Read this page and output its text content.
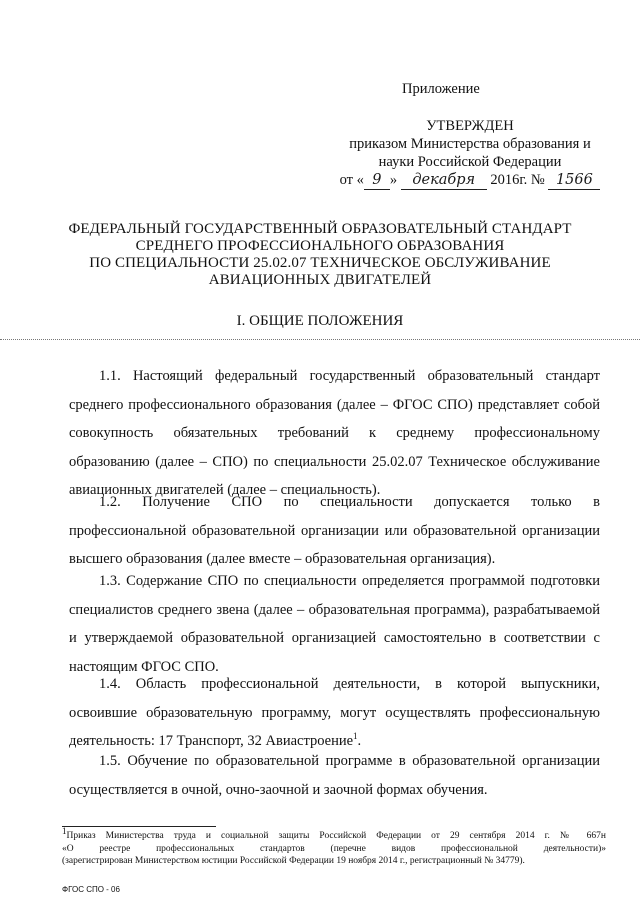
Приложение
УТВЕРЖДЕН
приказом Министерства образования и
науки Российской Федерации
от « 9 » декабря 2016г. № 1566
ФЕДЕРАЛЬНЫЙ ГОСУДАРСТВЕННЫЙ ОБРАЗОВАТЕЛЬНЫЙ СТАНДАРТ
СРЕДНЕГО ПРОФЕССИОНАЛЬНОГО ОБРАЗОВАНИЯ
ПО СПЕЦИАЛЬНОСТИ 25.02.07 ТЕХНИЧЕСКОЕ ОБСЛУЖИВАНИЕ
АВИАЦИОННЫХ ДВИГАТЕЛЕЙ
I. ОБЩИЕ ПОЛОЖЕНИЯ
1.1. Настоящий федеральный государственный образовательный стандарт
среднего профессионального образования (далее – ФГОС СПО) представляет собой
совокупность обязательных требований к среднему профессиональному
образованию (далее – СПО) по специальности 25.02.07 Техническое обслуживание
авиационных двигателей (далее – специальность).
1.2. Получение СПО по специальности допускается только в
профессиональной образовательной организации или образовательной организации
высшего образования (далее вместе – образовательная организация).
1.3. Содержание СПО по специальности определяется программой подготовки
специалистов среднего звена (далее – образовательная программа), разрабатываемой
и утверждаемой образовательной организацией самостоятельно в соответствии с
настоящим ФГОС СПО.
1.4. Область профессиональной деятельности, в которой выпускники,
освоившие образовательную программу, могут осуществлять профессиональную
деятельность: 17 Транспорт, 32 Авиастроение$^1$.
1.5. Обучение по образовательной программе в образовательной организации
осуществляется в очной, очно-заочной и заочной формах обучения.
$^1$Приказ Министерства труда и социальной защиты Российской Федерации от 29 сентября 2014 г. № 667н
«О реестре профессиональных стандартов (перечне видов профессиональной деятельности)»
(зарегистрирован Министерством юстиции Российской Федерации 19 ноября 2014 г., регистрационный № 34779).
ФГОС СПО - 06
